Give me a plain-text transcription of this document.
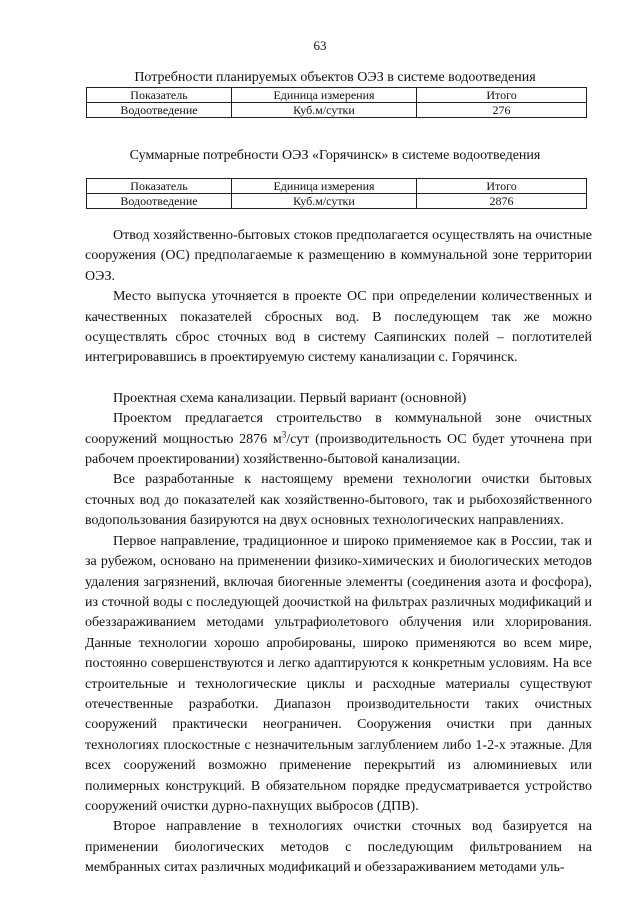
63
Потребности планируемых объектов ОЭЗ в системе водоотведения
Показатель	Единица измерения	Итого
Водоотведение	Куб.м/сутки	276
Суммарные потребности ОЭЗ «Горячинск» в системе водоотведения
Показатель	Единица измерения	Итого
Водоотведение	Куб.м/сутки	2876

Отвод хозяйственно-бытовых стоков предполагается осуществлять на очистные сооружения (ОС) предполагаемые к размещению в коммунальной зоне территории ОЭЗ.

Место выпуска уточняется в проекте ОС при определении количественных и качественных показателей сбросных вод. В последующем так же можно осуществлять сброс сточных вод в систему Саяпинских полей – поглотителей интегрировавшись в проектируемую систему канализации с. Горячинск.

Проектная схема канализации. Первый вариант (основной)

Проектом предлагается строительство в коммунальной зоне очистных сооружений мощностью 2876 $м^3$/сут (производительность ОС будет уточнена при рабочем проектировании) хозяйственно-бытовой канализации.

Все разработанные к настоящему времени технологии очистки бытовых сточных вод до показателей как хозяйственно-бытового, так и рыбохозяйственного водопользования базируются на двух основных технологических направлениях.

Первое направление, традиционное и широко применяемое как в России, так и за рубежом, основано на применении физико-химических и биологических методов удаления загрязнений, включая биогенные элементы (соединения азота и фосфора), из сточной воды с последующей доочисткой на фильтрах различных модификаций и обеззараживанием методами ультрафиолетового облучения или хлорирования. Данные технологии хорошо апробированы, широко применяются во всем мире, постоянно совершенствуются и легко адаптируются к конкретным условиям. На все строительные и технологические циклы и расходные материалы существуют отечественные разработки. Диапазон производительности таких очистных сооружений практически неограничен. Сооружения очистки при данных технологиях плоскостные с незначительным заглублением либо 1-2-х этажные. Для всех сооружений возможно применение перекрытий из алюминиевых или полимерных конструкций. В обязательном порядке предусматривается устройство сооружений очистки дурно-пахнущих выбросов (ДПВ).

Второе направление в технологиях очистки сточных вод базируется на применении биологических методов с последующим фильтрованием на мембранных ситах различных модификаций и обеззараживанием методами уль-
